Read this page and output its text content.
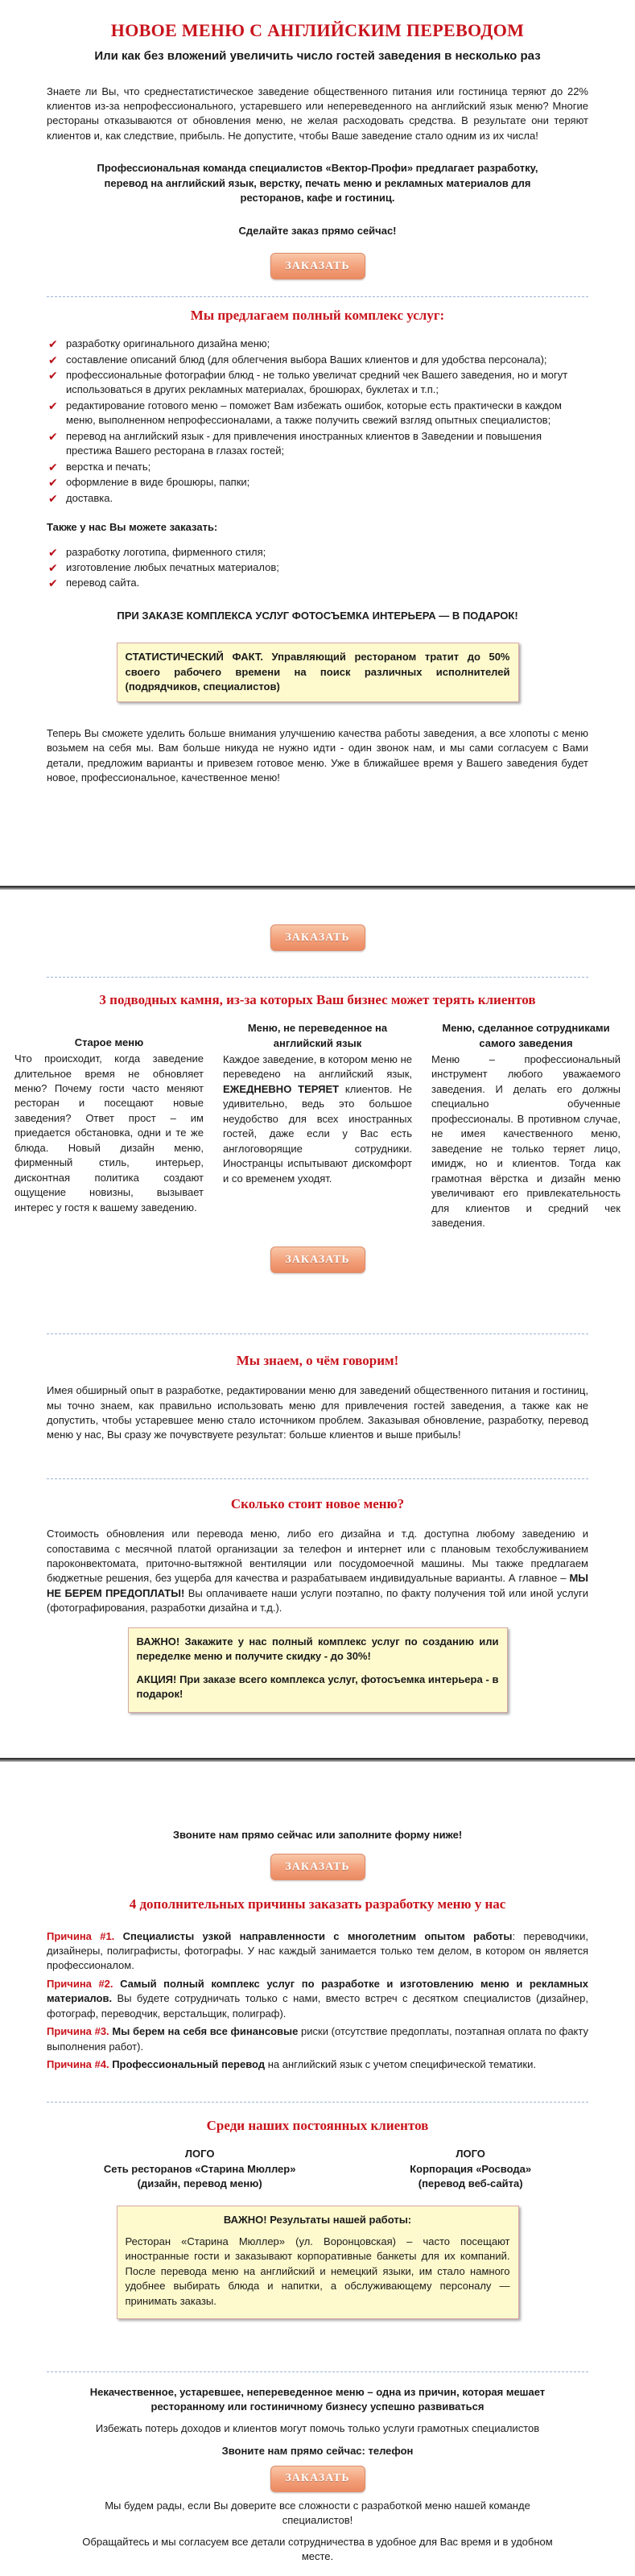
НОВОЕ МЕНЮ С АНГЛИЙСКИМ ПЕРЕВОДОМ
Или как без вложений увеличить число гостей заведения в несколько раз

Знаете ли Вы, что среднестатистическое заведение общественного питания или гостиница теряют до 22% клиентов из-за непрофессионального, устаревшего или непереведенного на английский язык меню? Многие рестораны отказываются от обновления меню, не желая расходовать средства. В результате они теряют клиентов и, как следствие, прибыль. Не допустите, чтобы Ваше заведение стало одним из их числа!

Профессиональная команда специалистов «Вектор-Профи» предлагает разработку, перевод на английский язык, верстку, печать меню и рекламных материалов для ресторанов, кафе и гостиниц.

Сделайте заказ прямо сейчас!

ЗАКАЗАТЬ
Мы предлагаем полный комплекс услуг:
✔ разработку оригинального дизайна меню;
✔ составление описаний блюд (для облегчения выбора Ваших клиентов и для удобства персонала);
✔ профессиональные фотографии блюд - не только увеличат средний чек Вашего заведения, но и могут использоваться в других рекламных материалах, брошюрах, буклетах и т.п.;
✔ редактирование готового меню – поможет Вам избежать ошибок, которые есть практически в каждом меню, выполненном непрофессионалами, а также получить свежий взгляд опытных специалистов;
✔ перевод на английский язык - для привлечения иностранных клиентов в Заведении и повышения престижа Вашего ресторана в глазах гостей;
✔ верстка и печать;
✔ оформление в виде брошюры, папки;
✔ доставка.

Также у нас Вы можете заказать:

✔ разработку логотипа, фирменного стиля;
✔ изготовление любых печатных материалов;
✔ перевод сайта.

ПРИ ЗАКАЗЕ КОМПЛЕКСА УСЛУГ ФОТОСЪЕМКА ИНТЕРЬЕРА — В ПОДАРОК!

СТАТИСТИЧЕСКИЙ ФАКТ. Управляющий рестораном тратит до 50% своего рабочего времени на поиск различных исполнителей (подрядчиков, специалистов)

Теперь Вы сможете уделить больше внимания улучшению качества работы заведения, а все хлопоты с меню возьмем на себя мы. Вам больше никуда не нужно идти - один звонок нам, и мы сами согласуем с Вами детали, предложим варианты и привезем готовое меню. Уже в ближайшее время у Вашего заведения будет новое, профессиональное, качественное меню!

ЗАКАЗАТЬ
3 подводных камня, из-за которых Ваш бизнес может терять клиентов
Старое меню

Что происходит, когда заведение длительное время не обновляет меню? Почему гости часто меняют ресторан и посещают новые заведения? Ответ прост – им приедается обстановка, одни и те же блюда. Новый дизайн меню, фирменный стиль, интерьер, дисконтная политика создают ощущение новизны, вызывает интерес у гостя к вашему заведению.

Меню, не переведенное на английский язык

Каждое заведение, в котором меню не переведено на английский язык, ЕЖЕДНЕВНО ТЕРЯЕТ клиентов. Не удивительно, ведь это большое неудобство для всех иностранных гостей, даже если у Вас есть англоговорящие сотрудники. Иностранцы испытывают дискомфорт и со временем уходят.

Меню, сделанное сотрудниками самого заведения

Меню – профессиональный инструмент любого уважаемого заведения. И делать его должны специально обученные профессионалы. В противном случае, не имея качественного меню, заведение не только теряет лицо, имидж, но и клиентов. Тогда как грамотная вёрстка и дизайн меню увеличивают его привлекательность для клиентов и средний чек заведения.

ЗАКАЗАТЬ
Мы знаем, о чём говорим!

Имея обширный опыт в разработке, редактировании меню для заведений общественного питания и гостиниц, мы точно знаем, как правильно использовать меню для привлечения гостей заведения, а также как не допустить, чтобы устаревшее меню стало источником проблем. Заказывая обновление, разработку, перевод меню у нас, Вы сразу же почувствуете результат: больше клиентов и выше прибыль!

Сколько стоит новое меню?

Стоимость обновления или перевода меню, либо его дизайна и т.д. доступна любому заведению и сопоставима с месячной платой организации за телефон и интернет или с плановым техобслуживанием пароконвектомата, приточно-вытяжной вентиляции или посудомоечной машины. Мы также предлагаем бюджетные решения, без ущерба для качества и разрабатываем индивидуальные варианты. А главное – МЫ НЕ БЕРЕМ ПРЕДОПЛАТЫ! Вы оплачиваете наши услуги поэтапно, по факту получения той или иной услуги (фотографирования, разработки дизайна и т.д.).

ВАЖНО! Закажите у нас полный комплекс услуг по созданию или переделке меню и получите скидку - до 30%!

АКЦИЯ! При заказе всего комплекса услуг, фотосъемка интерьера - в подарок!

Звоните нам прямо сейчас или заполните форму ниже!

ЗАКАЗАТЬ
4 дополнительных причины заказать разработку меню у нас

Причина #1. Специалисты узкой направленности с многолетним опытом работы: переводчики, дизайнеры, полиграфисты, фотографы. У нас каждый занимается только тем делом, в котором он является профессионалом.

Причина #2. Самый полный комплекс услуг по разработке и изготовлению меню и рекламных материалов. Вы будете сотрудничать только с нами, вместо встреч с десятком специалистов (дизайнер, фотограф, переводчик, верстальщик, полиграф).

Причина #3. Мы берем на себя все финансовые риски (отсутствие предоплаты, поэтапная оплата по факту выполнения работ).

Причина #4. Профессиональный перевод на английский язык с учетом специфической тематики.

Среди наших постоянных клиентов
ЛОГО
Сеть ресторанов «Старина Мюллер»
(дизайн, перевод меню)
ЛОГО
Корпорация «Росвода»
(перевод веб-сайта)

ВАЖНО! Результаты нашей работы:

Ресторан «Старина Мюллер» (ул. Воронцовская) – часто посещают иностранные гости и заказывают корпоративные банкеты для их компаний. После перевода меню на английский и немецкий языки, им стало намного удобнее выбирать блюда и напитки, а обслуживающему персоналу — принимать заказы.

Некачественное, устаревшее, непереведенное меню – одна из причин, которая мешает ресторанному или гостиничному бизнесу успешно развиваться

Избежать потерь доходов и клиентов могут помочь только услуги грамотных специалистов

Звоните нам прямо сейчас: телефон

ЗАКАЗАТЬ

Мы будем рады, если Вы доверите все сложности с разработкой меню нашей команде специалистов!

Обращайтесь и мы согласуем все детали сотрудничества в удобное для Вас время и в удобном месте.
